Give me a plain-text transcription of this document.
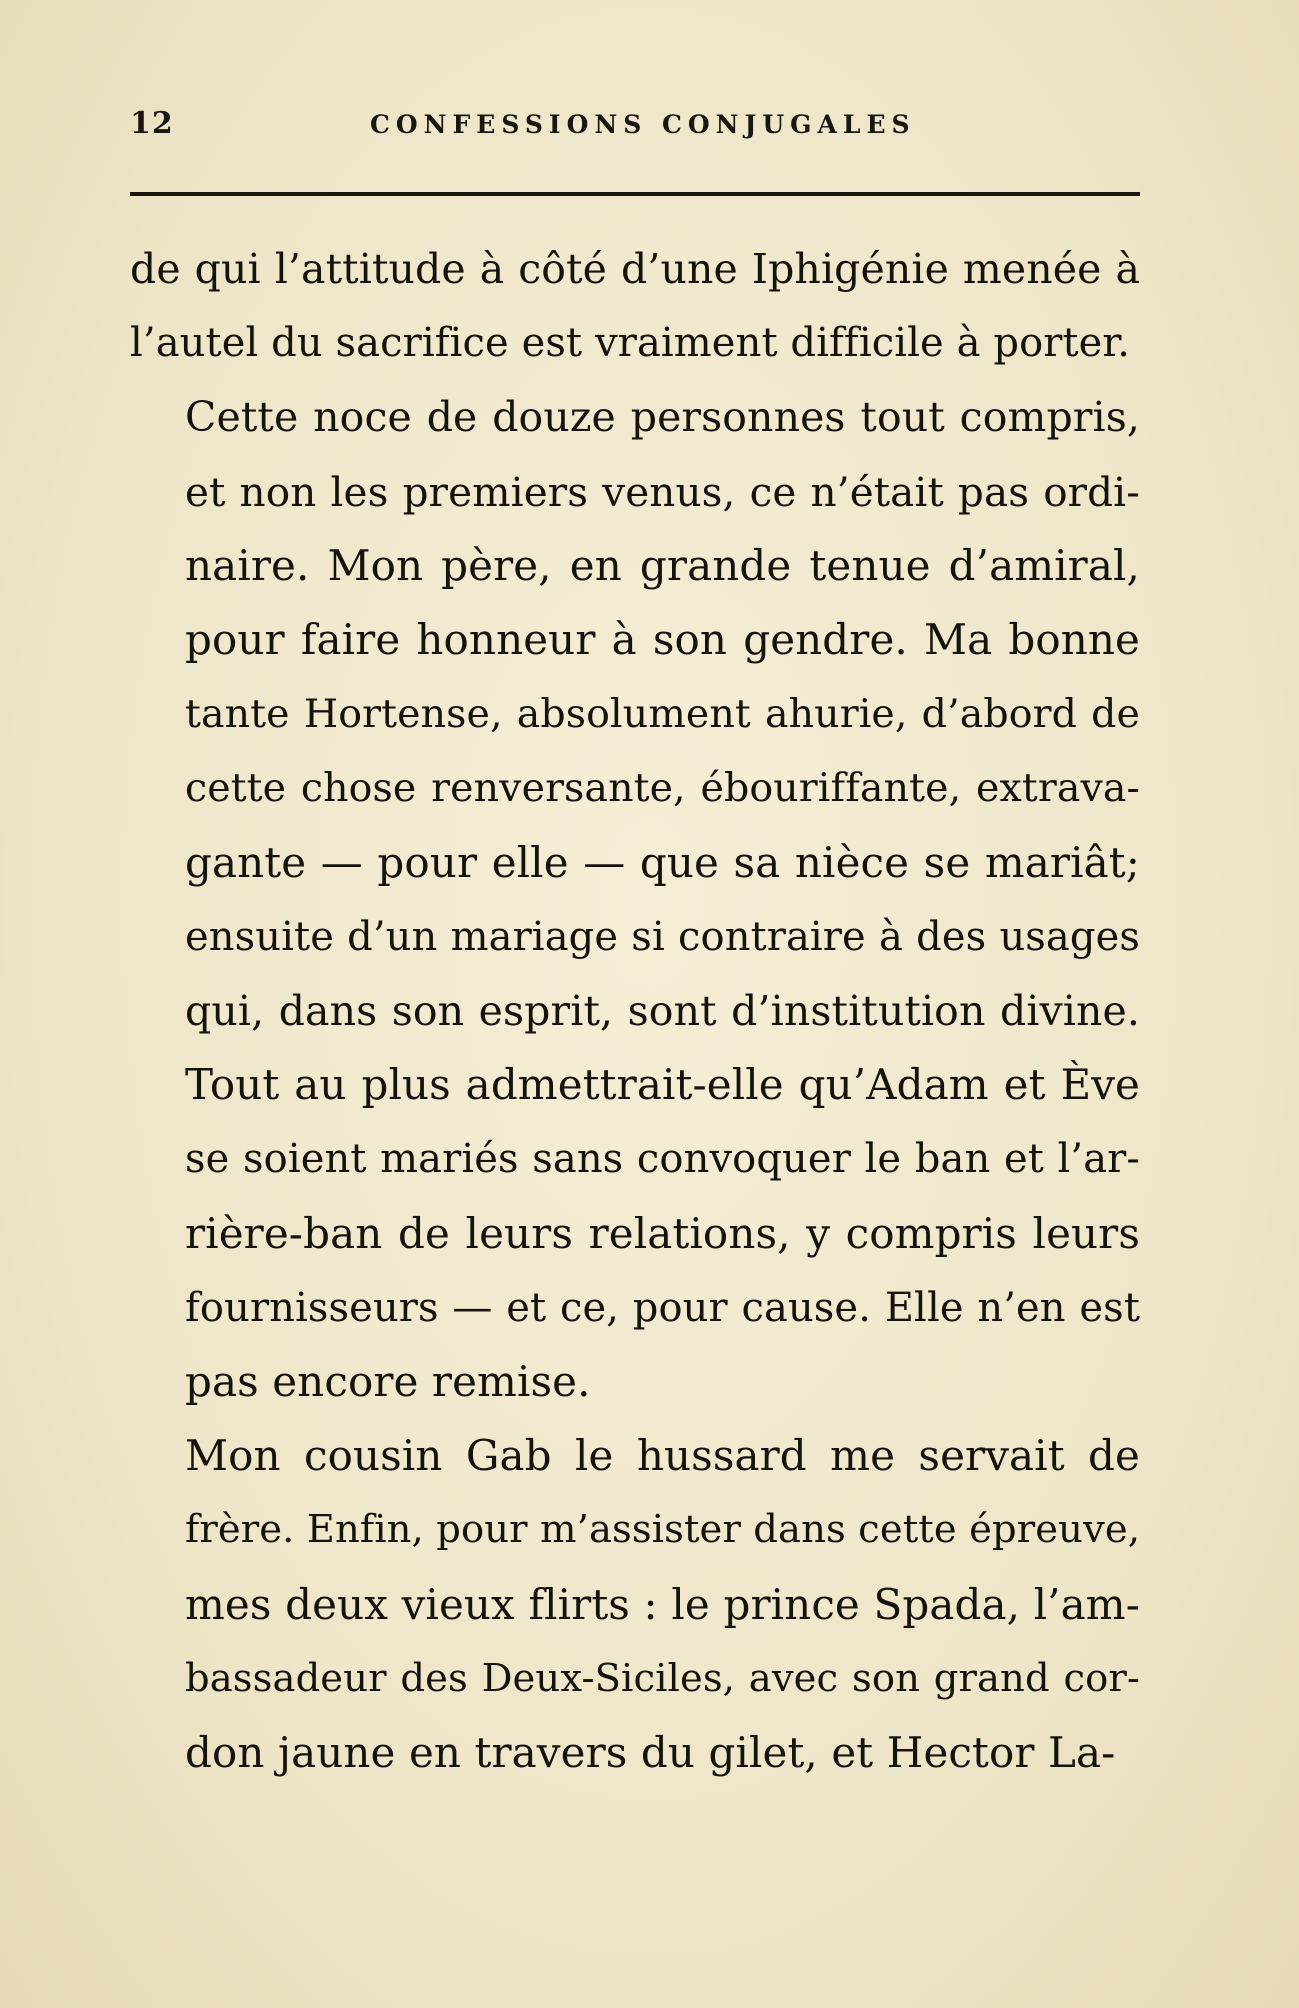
12	CONFESSIONS CONJUGALES

de qui l’attitude à côté d’une Iphigénie menée à
l’autel du sacrifice est vraiment difficile à porter.

Cette noce de douze personnes tout compris,
et non les premiers venus, ce n’était pas ordi-
naire. Mon père, en grande tenue d’amiral,
pour faire honneur à son gendre. Ma bonne
tante Hortense, absolument ahurie, d’abord de
cette chose renversante, ébouriffante, extrava-
gante — pour elle — que sa nièce se mariât;
ensuite d’un mariage si contraire à des usages
qui, dans son esprit, sont d’institution divine.
Tout au plus admettrait-elle qu’Adam et Ève
se soient mariés sans convoquer le ban et l’ar-
rière-ban de leurs relations, y compris leurs
fournisseurs — et ce, pour cause. Elle n’en est
pas encore remise.

Mon cousin Gab le hussard me servait de
frère. Enfin, pour m’assister dans cette épreuve,
mes deux vieux flirts : le prince Spada, l’am-
bassadeur des Deux-Siciles, avec son grand cor-
don jaune en travers du gilet, et Hector La-
